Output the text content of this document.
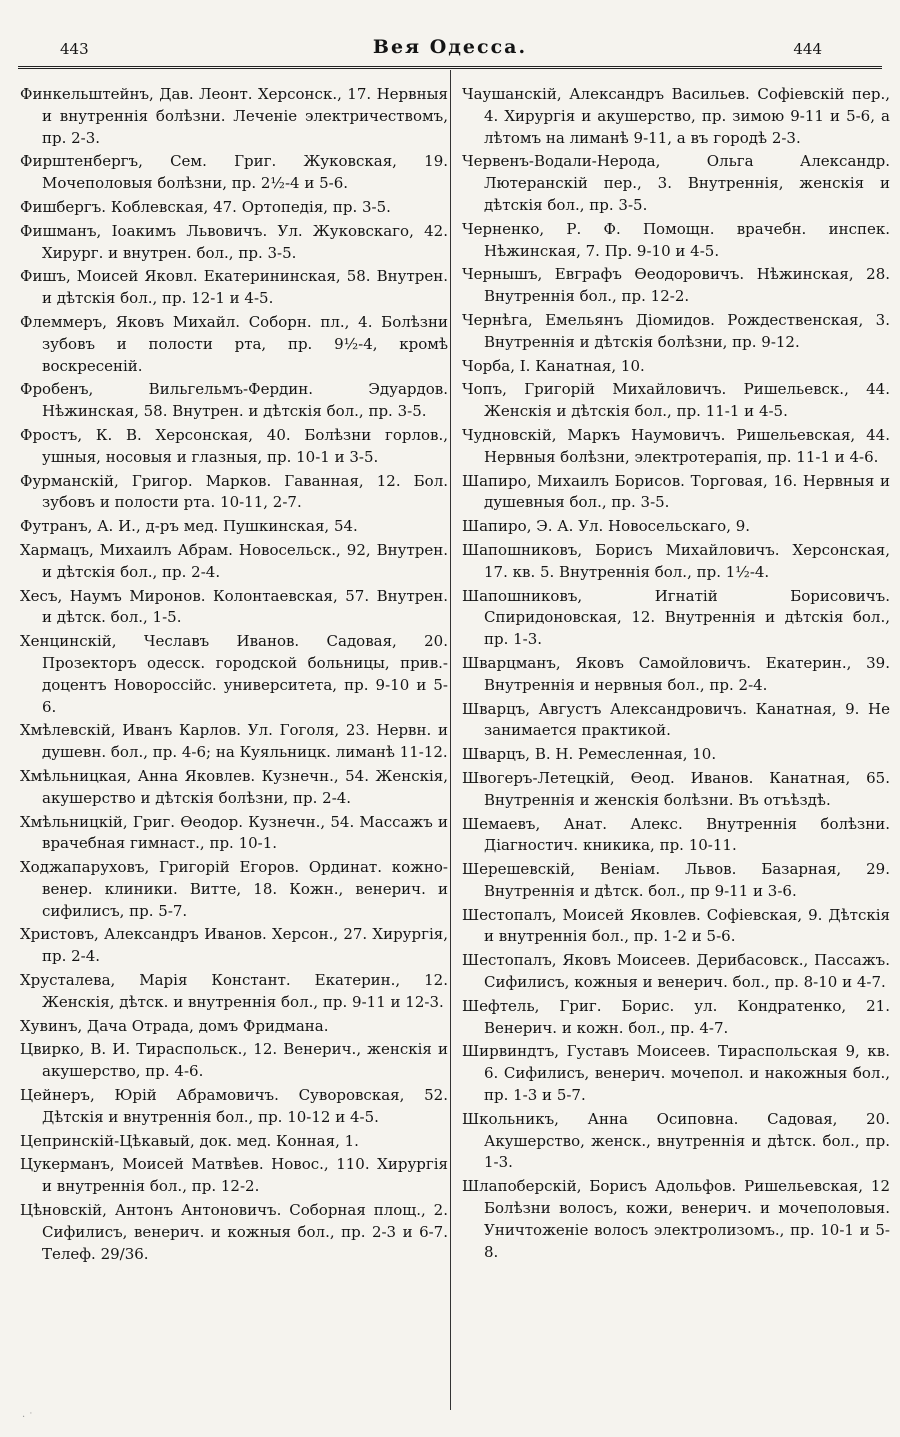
443	Вея Одесса.	444

Финкельштейнъ, Дав. Леонт. Херсонск., 17. Нервныя и внутреннія болѣзни. Леченіе электричествомъ, пр. 2-3.

Фирштенбергъ, Сем. Григ. Жуковская, 19. Мочеполовыя болѣзни, пр. 2½-4 и 5-6.

Фишбергъ. Коблевская, 47. Ортопедія, пр. 3-5.

Фишманъ, Іоакимъ Львовичъ. Ул. Жуковскаго, 42. Хирург. и внутрен. бол., пр. 3-5.

Фишъ, Моисей Яковл. Екатерининская, 58. Внутрен. и дѣтскія бол., пр. 12-1 и 4-5.

Флеммеръ, Яковъ Михайл. Соборн. пл., 4. Болѣзни зубовъ и полости рта, пр. 9½-4, кромѣ воскресеній.

Фробенъ, Вильгельмъ-Фердин. Эдуардов. Нѣжинская, 58. Внутрен. и дѣтскія бол., пр. 3-5.

Фростъ, К. В. Херсонская, 40. Болѣзни горлов., ушныя, носовыя и глазныя, пр. 10-1 и 3-5.

Фурманскій, Григор. Марков. Гаванная, 12. Бол. зубовъ и полости рта. 10-11, 2-7.

Футранъ, А. И., д-ръ мед. Пушкинская, 54.

Хармацъ, Михаилъ Абрам. Новосельск., 92, Внутрен. и дѣтскія бол., пр. 2-4.

Хесъ, Наумъ Миронов. Колонтаевская, 57. Внутрен. и дѣтск. бол., 1-5.

Хенцинскій, Чеславъ Иванов. Садовая, 20. Прозекторъ одесск. городской больницы, прив.-доцентъ Новороссійс. университета, пр. 9-10 и 5-6.

Хмѣлевскій, Иванъ Карлов. Ул. Гоголя, 23. Нервн. и душевн. бол., пр. 4-6; на Куяльницк. лиманѣ 11-12.

Хмѣльницкая, Анна Яковлев. Кузнечн., 54. Женскія, акушерство и дѣтскія болѣзни, пр. 2-4.

Хмѣльницкій, Григ. Өеодор. Кузнечн., 54. Массажъ и врачебная гимнаст., пр. 10-1.

Ходжапаруховъ, Григорій Егоров. Ординат. кожно-венер. клиники. Витте, 18. Кожн., венерич. и сифилисъ, пр. 5-7.

Христовъ, Александръ Иванов. Херсон., 27. Хирургія, пр. 2-4.

Хрусталева, Марія Констант. Екатерин., 12. Женскія, дѣтск. и внутреннія бол., пр. 9-11 и 12-3.

Хувинъ, Дача Отрада, домъ Фридмана.

Цвирко, В. И. Тираспольск., 12. Венерич., женскія и акушерство, пр. 4-6.

Цейнеръ, Юрій Абрамовичъ. Суворовская, 52. Дѣтскія и внутреннія бол., пр. 10-12 и 4-5.

Цепринскій-Цѣкавый, док. мед. Конная, 1.

Цукерманъ, Моисей Матвѣев. Новос., 110. Хирургія и внутреннія бол., пр. 12-2.

Цѣновскій, Антонъ Антоновичъ. Соборная площ., 2. Сифилисъ, венерич. и кожныя бол., пр. 2-3 и 6-7. Телеф. 29/36.

Чаушанскій, Александръ Васильев. Софіевскій пер., 4. Хирургія и акушерство, пр. зимою 9-11 и 5-6, а лѣтомъ на лиманѣ 9-11, а въ городѣ 2-3.

Червенъ-Водали-Нерода, Ольга Александр. Лютеранскій пер., 3. Внутреннія, женскія и дѣтскія бол., пр. 3-5.

Черненко, Р. Ф. Помощн. врачебн. инспек. Нѣжинская, 7. Пр. 9-10 и 4-5.

Чернышъ, Евграфъ Өеодоровичъ. Нѣжинская, 28. Внутреннія бол., пр. 12-2.

Чернѣга, Емельянъ Діомидов. Рождественская, 3. Внутреннія и дѣтскія болѣзни, пр. 9-12.

Чорба, І. Канатная, 10.

Чопъ, Григорій Михайловичъ. Ришельевск., 44. Женскія и дѣтскія бол., пр. 11-1 и 4-5.

Чудновскій, Маркъ Наумовичъ. Ришельевская, 44. Нервныя болѣзни, электротерапія, пр. 11-1 и 4-6.

Шапиро, Михаилъ Борисов. Торговая, 16. Нервныя и душевныя бол., пр. 3-5.

Шапиро, Э. А. Ул. Новосельскаго, 9.

Шапошниковъ, Борисъ Михайловичъ. Херсонская, 17. кв. 5. Внутреннія бол., пр. 1½-4.

Шапошниковъ, Игнатій Борисовичъ. Спиридоновская, 12. Внутреннія и дѣтскія бол., пр. 1-3.

Шварцманъ, Яковъ Самойловичъ. Екатерин., 39. Внутреннія и нервныя бол., пр. 2-4.

Шварцъ, Августъ Александровичъ. Канатная, 9. Не занимается практикой.

Шварцъ, В. Н. Ремесленная, 10.

Швогеръ-Летецкій, Өеод. Иванов. Канатная, 65. Внутреннія и женскія болѣзни. Въ отъѣздѣ.

Шемаевъ, Анат. Алекс. Внутреннія болѣзни. Діагностич. кникика, пр. 10-11.

Шерешевскій, Веніам. Львов. Базарная, 29. Внутреннія и дѣтск. бол., пр 9-11 и 3-6.

Шестопалъ, Моисей Яковлев. Софіевская, 9. Дѣтскія и внутреннія бол., пр. 1-2 и 5-6.

Шестопалъ, Яковъ Моисеев. Дерибасовск., Пассажъ. Сифилисъ, кожныя и венерич. бол., пр. 8-10 и 4-7.

Шефтель, Григ. Борис. ул. Кондратенко, 21. Венерич. и кожн. бол., пр. 4-7.

Ширвиндтъ, Густавъ Моисеев. Тираспольская 9, кв. 6. Сифилисъ, венерич. мочепол. и накожныя бол., пр. 1-3 и 5-7.

Школьникъ, Анна Осиповна. Садовая, 20. Акушерство, женск., внутреннія и дѣтск. бол., пр. 1-3.

Шлапоберскій, Борисъ Адольфов. Ришельевская, 12 Болѣзни волосъ, кожи, венерич. и мочеполовыя. Уничтоженіе волосъ электролизомъ., пр. 10-1 и 5-8.

· ˙
